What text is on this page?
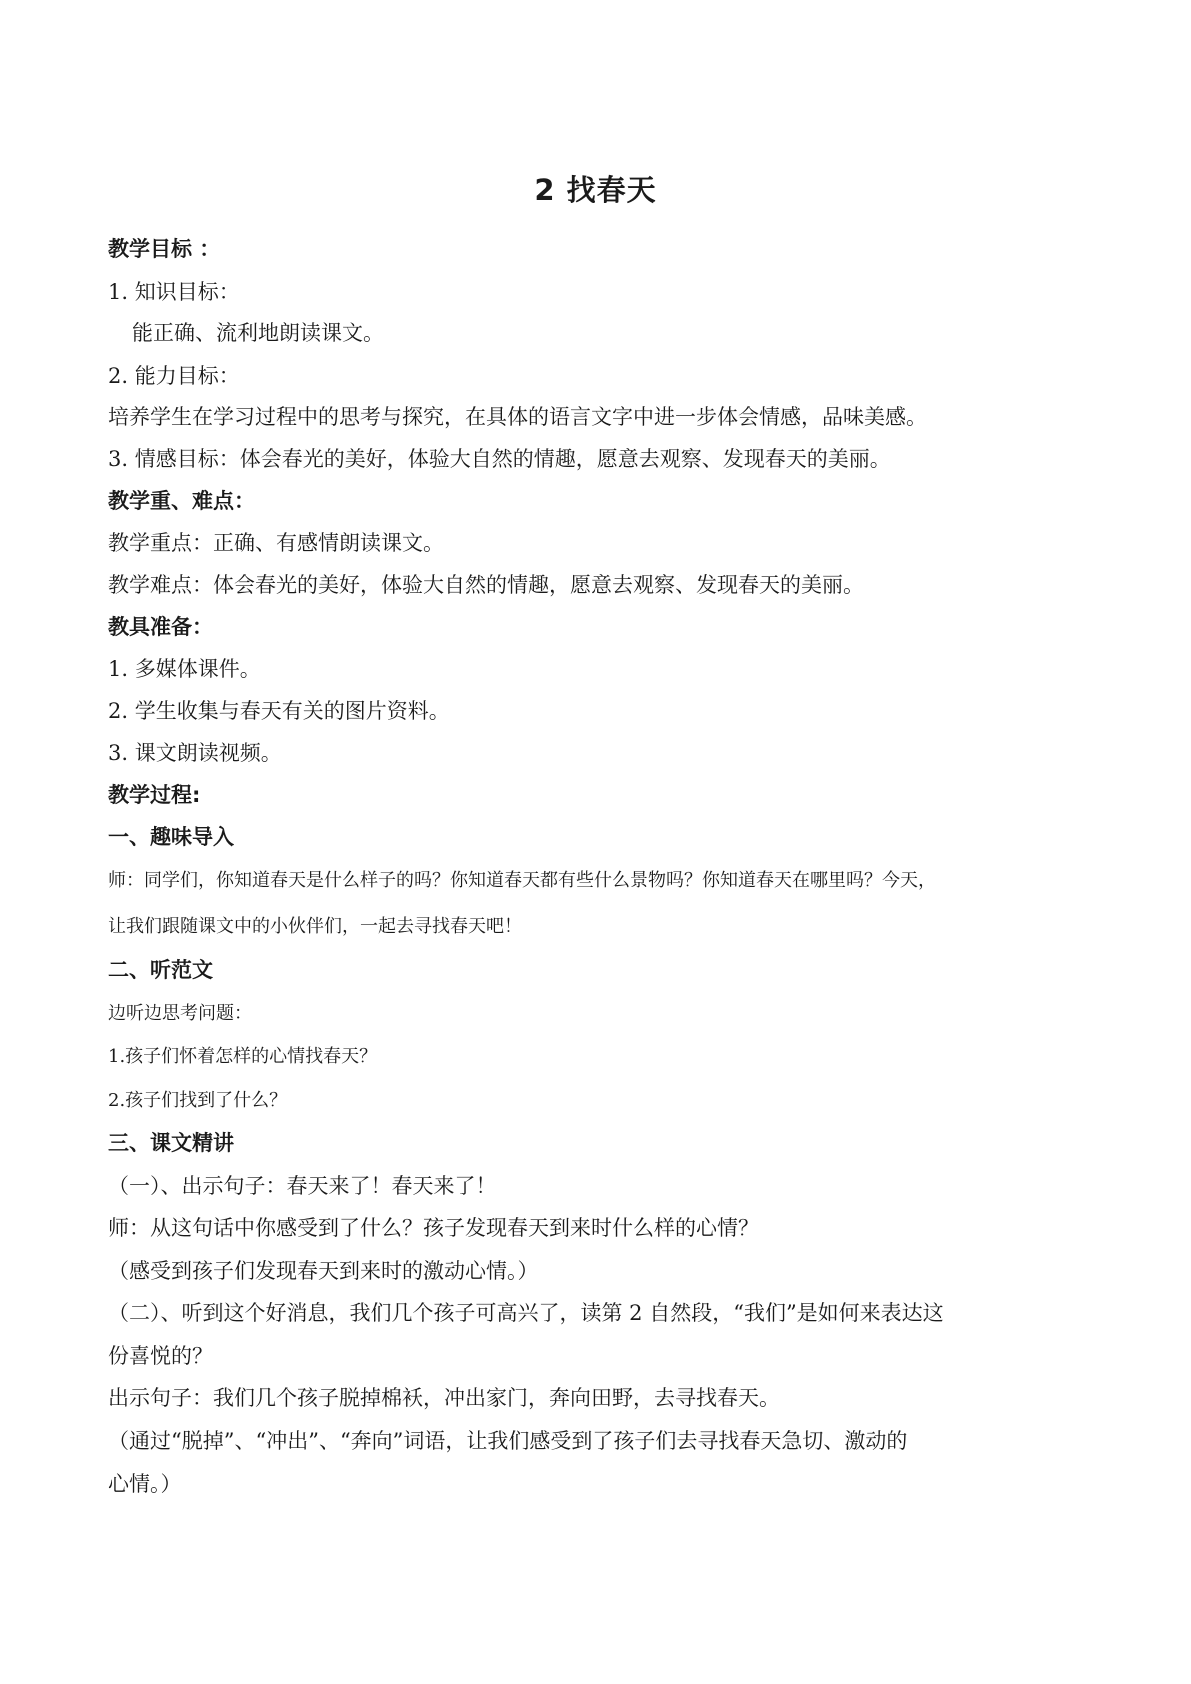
2 找春天
教学目标 ：
1. 知识目标：
能正确、流利地朗读课文。
2. 能力目标：
培养学生在学习过程中的思考与探究，在具体的语言文字中进一步体会情感，品味美感。
3. 情感目标：体会春光的美好，体验大自然的情趣，愿意去观察、发现春天的美丽。
教学重、难点：
教学重点：正确、有感情朗读课文。
教学难点：体会春光的美好，体验大自然的情趣，愿意去观察、发现春天的美丽。
教具准备：
1. 多媒体课件。
2. 学生收集与春天有关的图片资料。
3. 课文朗读视频。
教学过程:
一、趣味导入
师：同学们，你知道春天是什么样子的吗？你知道春天都有些什么景物吗？你知道春天在哪里吗？今天，
让我们跟随课文中的小伙伴们，一起去寻找春天吧！
二、听范文
边听边思考问题：
1.孩子们怀着怎样的心情找春天？
2.孩子们找到了什么？
三、课文精讲
（一）、出示句子：春天来了！春天来了！
师：从这句话中你感受到了什么？孩子发现春天到来时什么样的心情？
（感受到孩子们发现春天到来时的激动心情。）
（二）、听到这个好消息，我们几个孩子可高兴了，读第 2 自然段，“我们”是如何来表达这
份喜悦的？
出示句子：我们几个孩子脱掉棉袄，冲出家门，奔向田野，去寻找春天。
（通过“脱掉”、“冲出”、“奔向”词语，让我们感受到了孩子们去寻找春天急切、激动的
心情。）
